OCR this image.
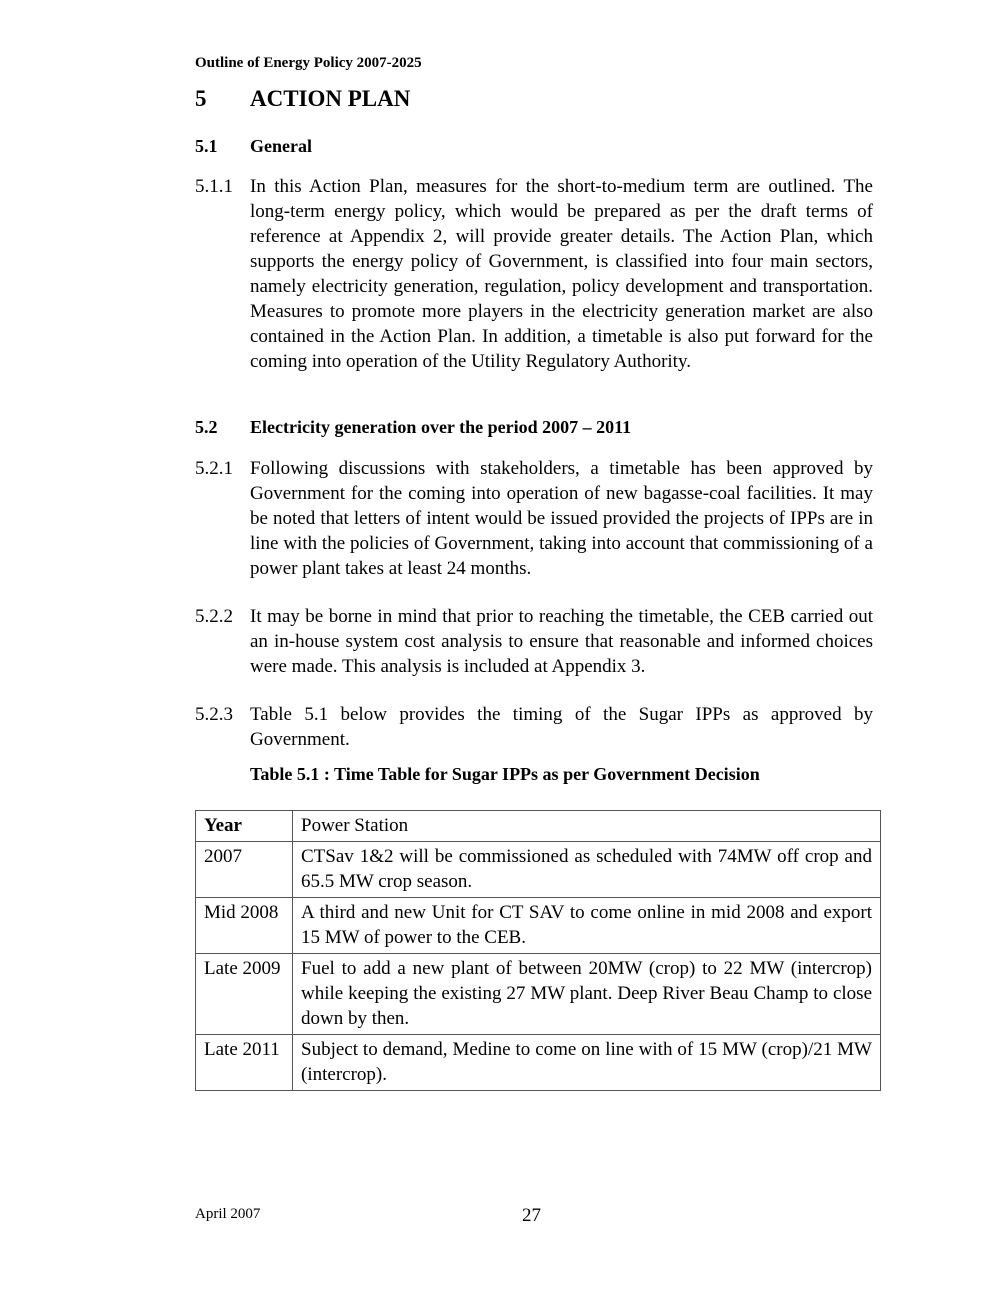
Outline of Energy Policy 2007-2025
5 ACTION PLAN
5.1 General
5.1.1 In this Action Plan, measures for the short-to-medium term are outlined. The long-term energy policy, which would be prepared as per the draft terms of reference at Appendix 2, will provide greater details. The Action Plan, which supports the energy policy of Government, is classified into four main sectors, namely electricity generation, regulation, policy development and transportation. Measures to promote more players in the electricity generation market are also contained in the Action Plan. In addition, a timetable is also put forward for the coming into operation of the Utility Regulatory Authority.
5.2 Electricity generation over the period 2007 – 2011
5.2.1 Following discussions with stakeholders, a timetable has been approved by Government for the coming into operation of new bagasse-coal facilities. It may be noted that letters of intent would be issued provided the projects of IPPs are in line with the policies of Government, taking into account that commissioning of a power plant takes at least 24 months.
5.2.2 It may be borne in mind that prior to reaching the timetable, the CEB carried out an in-house system cost analysis to ensure that reasonable and informed choices were made. This analysis is included at Appendix 3.
5.2.3 Table 5.1 below provides the timing of the Sugar IPPs as approved by Government.
Table 5.1 : Time Table for Sugar IPPs as per Government Decision
Year	Power Station
2007	CTSav 1&2 will be commissioned as scheduled with 74MW off crop and 65.5 MW crop season.
Mid 2008	A third and new Unit for CT SAV to come online in mid 2008 and export 15 MW of power to the CEB.
Late 2009	Fuel to add a new plant of between 20MW (crop) to 22 MW (intercrop) while keeping the existing 27 MW plant. Deep River Beau Champ to close down by then.
Late 2011	Subject to demand, Medine to come on line with of 15 MW (crop)/21 MW (intercrop).
April 2007	27
